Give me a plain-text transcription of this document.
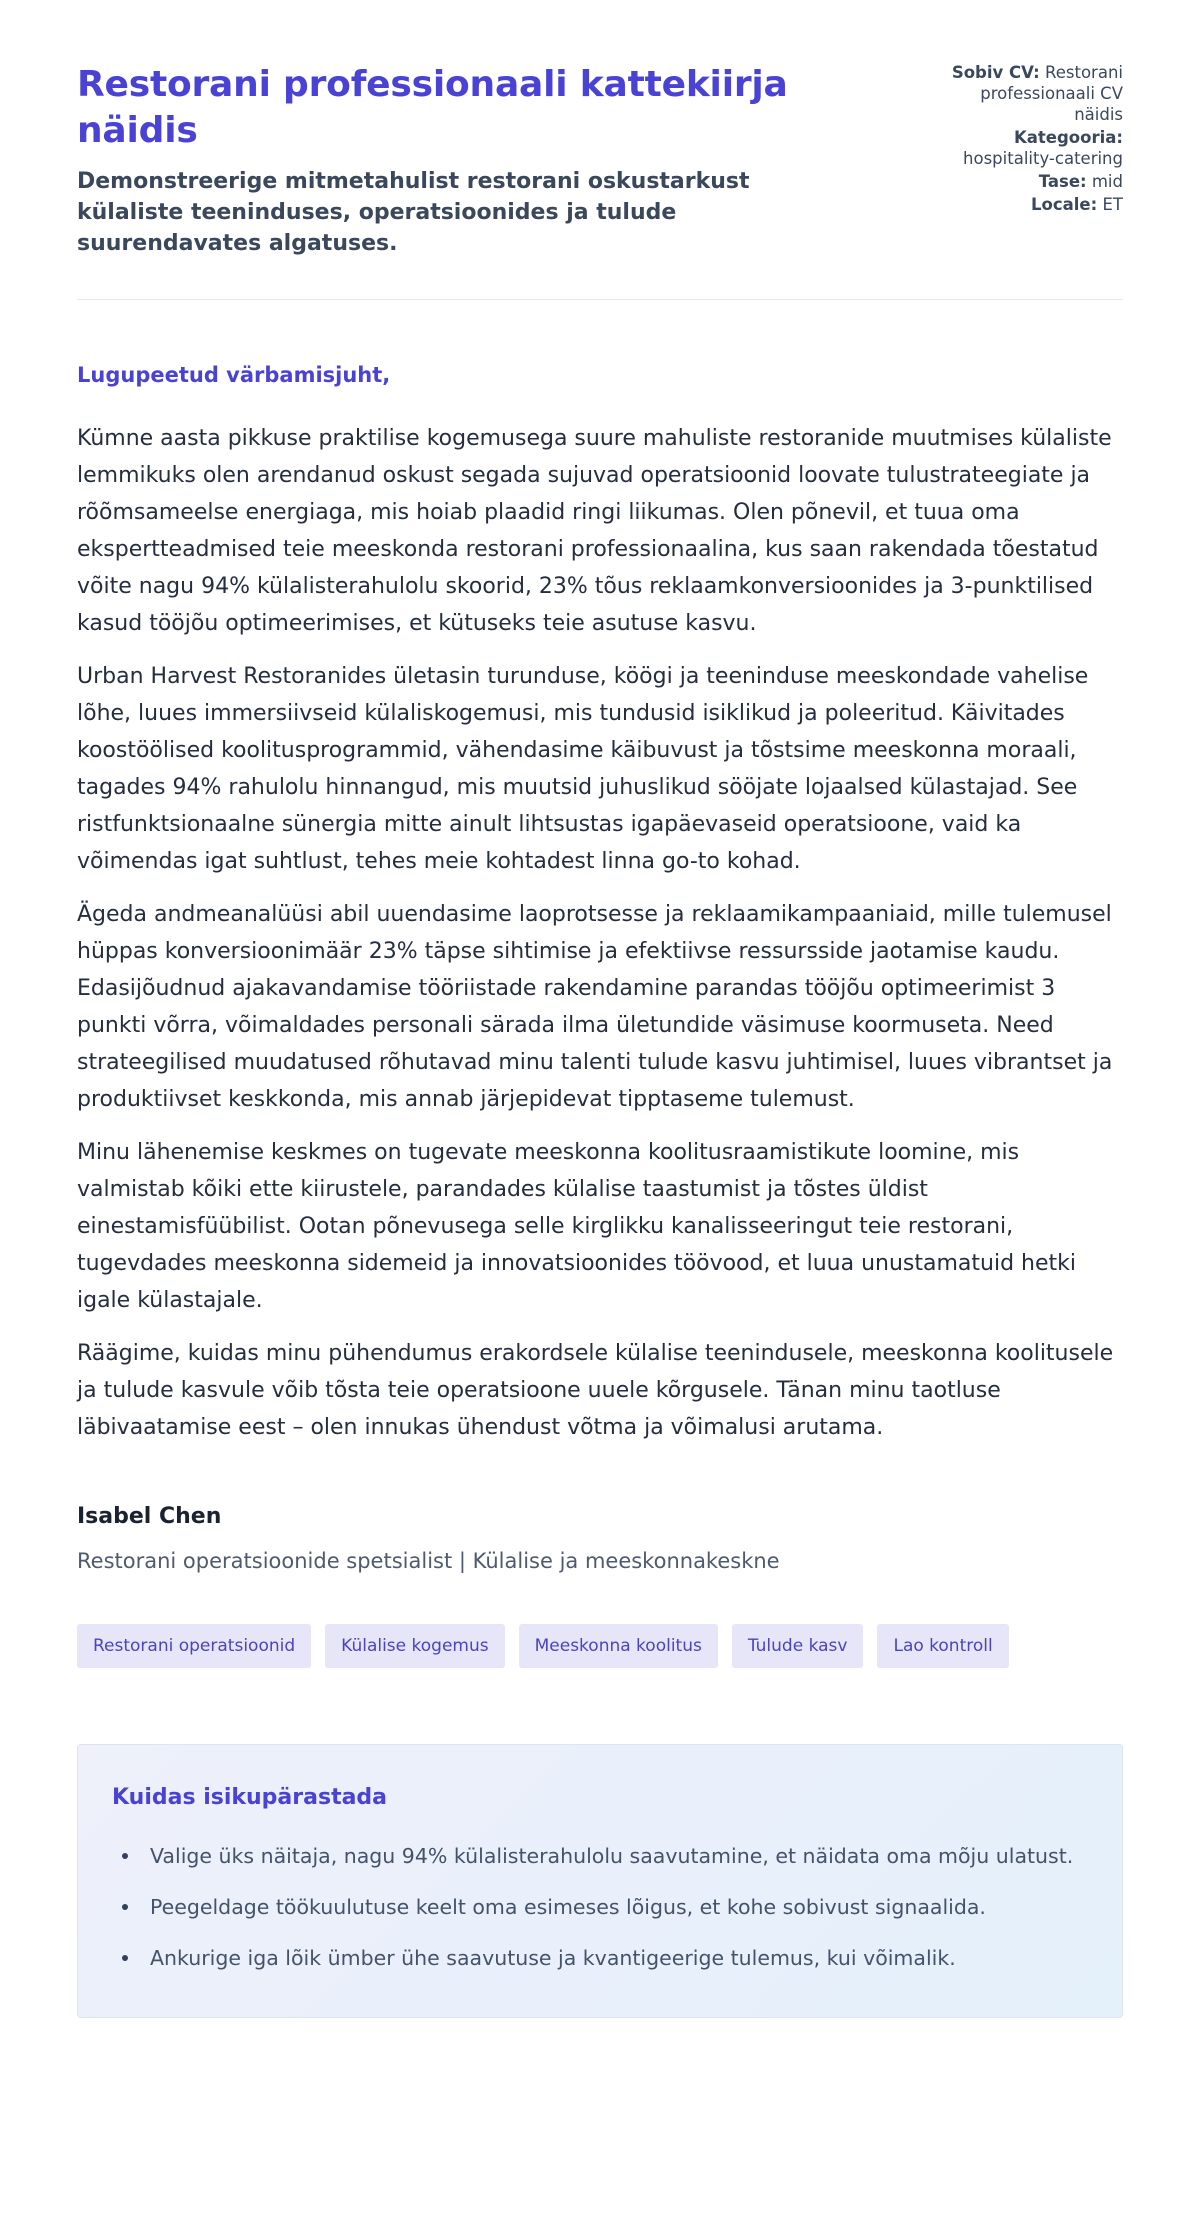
Restorani professionaali kattekiirja näidis
Demonstreerige mitmetahulist restorani oskustarkust külaliste teeninduses, operatsioonides ja tulude suurendavates algatuses.
Sobiv CV: Restorani professionaali CV näidis
Kategooria: hospitality-catering
Tase: mid
Locale: ET
Lugupeetud värbamisjuht,

Kümne aasta pikkuse praktilise kogemusega suure mahuliste restoranide muutmises külaliste lemmikuks olen arendanud oskust segada sujuvad operatsioonid loovate tulustrateegiate ja rõõmsameelse energiaga, mis hoiab plaadid ringi liikumas. Olen põnevil, et tuua oma ekspertteadmised teie meeskonda restorani professionaalina, kus saan rakendada tõestatud võite nagu 94% külalisterahulolu skoorid, 23% tõus reklaamkonversioonides ja 3-punktilised kasud tööjõu optimeerimises, et kütuseks teie asutuse kasvu.

Urban Harvest Restoranides ületasin turunduse, köögi ja teeninduse meeskondade vahelise lõhe, luues immersiivseid külaliskogemusi, mis tundusid isiklikud ja poleeritud. Käivitades koostöölised koolitusprogrammid, vähendasime käibuvust ja tõstsime meeskonna moraali, tagades 94% rahulolu hinnangud, mis muutsid juhuslikud sööjate lojaalsed külastajad. See ristfunktsionaalne sünergia mitte ainult lihtsustas igapäevaseid operatsioone, vaid ka võimendas igat suhtlust, tehes meie kohtadest linna go-to kohad.

Ägeda andmeanalüüsi abil uuendasime laoprotsesse ja reklaamikampaaniaid, mille tulemusel hüppas konversioonimäär 23% täpse sihtimise ja efektiivse ressursside jaotamise kaudu. Edasijõudnud ajakavandamise tööriistade rakendamine parandas tööjõu optimeerimist 3 punkti võrra, võimaldades personali särada ilma ületundide väsimuse koormuseta. Need strateegilised muudatused rõhutavad minu talenti tulude kasvu juhtimisel, luues vibrantset ja produktiivset keskkonda, mis annab järjepidevat tipptaseme tulemust.

Minu lähenemise keskmes on tugevate meeskonna koolitusraamistikute loomine, mis valmistab kõiki ette kiirustele, parandades külalise taastumist ja tõstes üldist einestamisfüübilist. Ootan põnevusega selle kirglikku kanalisseeringut teie restorani, tugevdades meeskonna sidemeid ja innovatsioonides töövood, et luua unustamatuid hetki igale külastajale.

Räägime, kuidas minu pühendumus erakordsele külalise teenindusele, meeskonna koolitusele ja tulude kasvule võib tõsta teie operatsioone uuele kõrgusele. Tänan minu taotluse läbivaatamise eest – olen innukas ühendust võtma ja võimalusi arutama.

Isabel Chen
Restorani operatsioonide spetsialist | Külalise ja meeskonnakeskne
Restorani operatsioonid	Külalise kogemus	Meeskonna koolitus	Tulude kasv	Lao kontroll
Kuidas isikupärastada
Valige üks näitaja, nagu 94% külalisterahulolu saavutamine, et näidata oma mõju ulatust.
Peegeldage töökuulutuse keelt oma esimeses lõigus, et kohe sobivust signaalida.
Ankurige iga lõik ümber ühe saavutuse ja kvantigeerige tulemus, kui võimalik.
